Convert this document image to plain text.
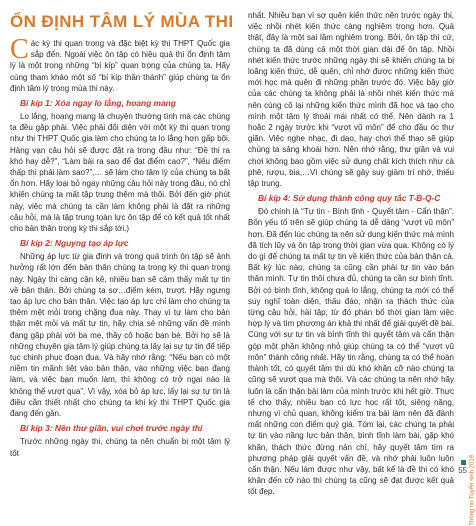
ỔN ĐỊNH TÂM LÝ MÙA THI

Các kỳ thi quan trọng và đặc biệt kỳ thi THPT Quốc gia sắp đến. Ngoài việc ôn tập có hiệu quả thì ổn định tâm lý là một trong những “bí kíp” quan trọng của chúng ta. Hãy cùng tham khảo một số “bí kíp thần thánh” giúp chúng ta ổn định tâm lý trong mùa thi này.

Bí kíp 1: Xóa ngay lo lắng, hoang mang

Lo lắng, hoang mang là chuyện thường tình mà các chúng ta đều gặp phải. Việc phải đối diện với một kỳ thi quan trọng như thi THPT Quốc gia làm cho chúng ta lo lắng hơn gấp bội. Hàng vạn câu hỏi sẽ được đặt ra trong đầu như: “Đề thi ra khó hay dễ?”, “Làm bài ra sao để đạt điểm cao?”, “Nếu điểm thấp thì phải làm sao?”,… sẽ làm cho tâm lý của chúng ta bất ổn hơn. Hãy loại bỏ ngay những câu hỏi này trong đầu, nó chỉ khiến chúng ta mất tập trung thêm mà thôi. Bởi đến giờ phút này, việc mà chúng ta cần làm không phải là đặt ra những câu hỏi, mà là tập trung toàn lực ôn tập để có kết quả tốt nhất cho bản thân trong kỳ thi sắp tới.)

Bí kíp 2: Nguyng tạo áp lực

Những áp lực từ gia đình và trong quá trình ôn tập sẽ ảnh hưởng rất lớn đến bản thân chúng ta trong kỳ thi quan trọng này. Ngày thi càng cận kề, nhiều bạn sẽ cảm thấy mất tự tin về bản thân. Bởi chúng ta sợ…điểm kém, trượt. Hãy ngưng tạo áp lực cho bản thân. Việc tạo áp lực chỉ làm cho chúng ta thêm mệt mỏi trong chặng đua này. Thay vì tự làm cho bản thân mệt mỏi và mất tự tin, hãy chia sẻ những vấn đề mình đang gặp phải với ba mẹ, thầy cô hoặc bạn bè. Bởi họ sẽ là những chuyên gia tâm lý giúp chúng ta lấy lại sự tự tin để tiếp tục chinh phục đoạn đua. Và hãy nhớ rằng: “Nếu bạn có một niềm tin mãnh liệt vào bản thân, vào những việc bạn đang làm, và việc bạn muốn làm, thì không có trở ngại nào là không thể vượt qua”. Vì vậy, xóa bỏ áp lực, lấy lại sự tự tin là điều cần thiết nhất cho chúng ta khi kỳ thi THPT Quốc gia đang đến gần.

Bí kíp 3: Nên thư giãn, vui chơi trước ngày thi

Trước những ngày thi, chúng ta nên chuẩn bị một tâm lý tốt

nhất. Nhiều bạn vì sợ quên kiến thức nên trước ngày thi, việc nhồi nhét kiến thức càng nghiêm trọng hơn. Quả thật, đây là một sai lầm nghiêm trọng. Bởi, ôn tập thì cứ, chúng ta đã dùng cả một thời gian dài để ôn tập. Nhồi nhét kiến thức trước những ngày thi sẽ khiến chúng ta bị loãng kiến thức, dễ quên, chỉ nhớ được những kiến thức mới học mà quên đi những phần trước đó. Việc bây giờ của các chúng ta không phải là nhồi nhét kiến thức mà nên cùng cố lại những kiến thức mình đã học và tạo cho mình một tâm lý thoải mái nhất có thể. Nên dành ra 1 hoặc 2 ngày trước khi “vượt vũ môn” để cho đầu óc thư giãn. Việc nghe nhạc, đi dạo, hay chơi thể thao sẽ giúp chúng ta sảng khoái hơn. Nên nhớ rằng, thư giãn và vui chơi không bao gồm việc sử dụng chất kích thích như cà phê, rượu, bia,…Vì chúng sẽ gây suy giảm trí nhớ, thiếu tập trung.

Bí kíp 4: Sử dụng thành công quy tắc T-B-Q-C

Đó chính là “Tự tin - Bình tĩnh - Quyết tâm - Cẩn thận”. Bốn yếu tố trên sẽ giúp chúng ta dễ dàng “vượt vũ môn” hơn. Đã đến lúc chúng ta nên sử dụng kiến thức mà mình đã tích lũy và ôn tập trong thời gian vừa qua. Không có lý do gì để chúng ta mất tự tin về kiến thức của bản thân cả. Bất kỳ lúc nào, chúng ta cũng cần phải tự tin vào bản thân mình. Tự tin thôi chưa đủ, chúng ta cần sự bình tĩnh. Bởi có bình tĩnh, không quá lo lắng, chúng ta mới có thể suy nghĩ toàn diện, thấu đáo, nhận ra thách thức của từng câu hỏi, hài tập; từ đó phán bổ thời gian làm việc hợp lý và tìm phương án khả thi nhất để giải quyết đề bài. Cùng với sự tự tin và bình tĩnh thì quyết tâm và cẩn thận góp một phần không nhỏ giúp chúng ta có thể “vượt vũ môn” thành công nhất. Hãy tin rằng, chúng ta có thể hoàn thành tốt, có quyết tâm thì dù khó khăn cỡ nào chúng ta cũng sẽ vượt qua mà thôi. Và các chúng ta nên nhớ hãy luôn là cẩn thận bài làm của mình trước khi hết giờ. Thực tế cho thấy, nhiều bạn có lực học rất tốt, siêng năng, nhưng vì chủ quan, không kiểm tra bài làm nên đã đánh mất những con điểm quý giá. Tóm lại, các chúng ta phải tự tin vào năng lực bản thân, bình tĩnh làm bài, gặp khó khăn, thách thức đừng nản chí, hãy quyết tâm tìm ra phương pháp giải quyết vấn đề, và nhớ phải luôn luôn cẩn thận. Nếu làm được như vậy, bất kể là đề thi có khó khăn đến cỡ nào thì chúng ta cũng sẽ đạt được kết quả tốt đẹp.	Thông tin Tuyển sinh 2019
55
